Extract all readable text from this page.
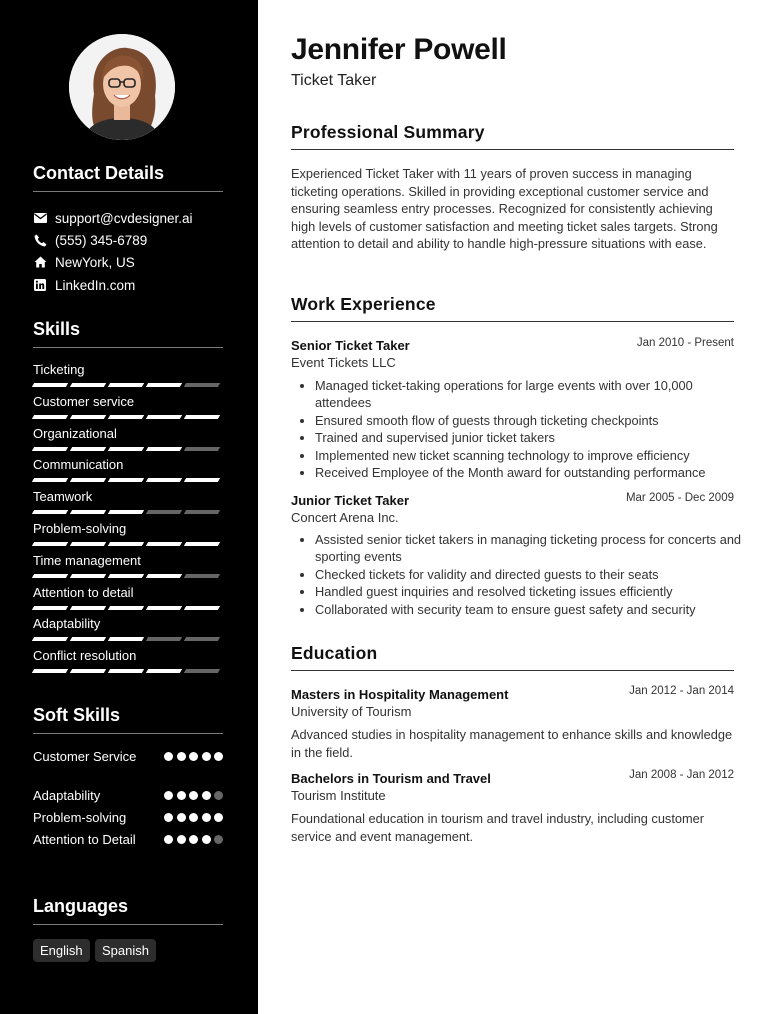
Contact Details
support@cvdesigner.ai
(555) 345-6789
NewYork, US
LinkedIn.com
Skills
Ticketing
Customer service
Organizational
Communication
Teamwork
Problem-solving
Time management
Attention to detail
Adaptability
Conflict resolution
Soft Skills
Customer Service
Adaptability
Problem-solving
Attention to Detail
Languages
English	Spanish
Jennifer Powell
Ticket Taker
Professional Summary
Experienced Ticket Taker with 11 years of proven success in managing ticketing operations. Skilled in providing exceptional customer service and ensuring seamless entry processes. Recognized for consistently achieving high levels of customer satisfaction and meeting ticket sales targets. Strong attention to detail and ability to handle high-pressure situations with ease.
Work Experience
Senior Ticket Taker	Jan 2010 - Present
Event Tickets LLC
• Managed ticket-taking operations for large events with over 10,000 attendees
• Ensured smooth flow of guests through ticketing checkpoints
• Trained and supervised junior ticket takers
• Implemented new ticket scanning technology to improve efficiency
• Received Employee of the Month award for outstanding performance
Junior Ticket Taker	Mar 2005 - Dec 2009
Concert Arena Inc.
• Assisted senior ticket takers in managing ticketing process for concerts and sporting events
• Checked tickets for validity and directed guests to their seats
• Handled guest inquiries and resolved ticketing issues efficiently
• Collaborated with security team to ensure guest safety and security
Education
Masters in Hospitality Management	Jan 2012 - Jan 2014
University of Tourism
Advanced studies in hospitality management to enhance skills and knowledge in the field.
Bachelors in Tourism and Travel	Jan 2008 - Jan 2012
Tourism Institute
Foundational education in tourism and travel industry, including customer service and event management.
